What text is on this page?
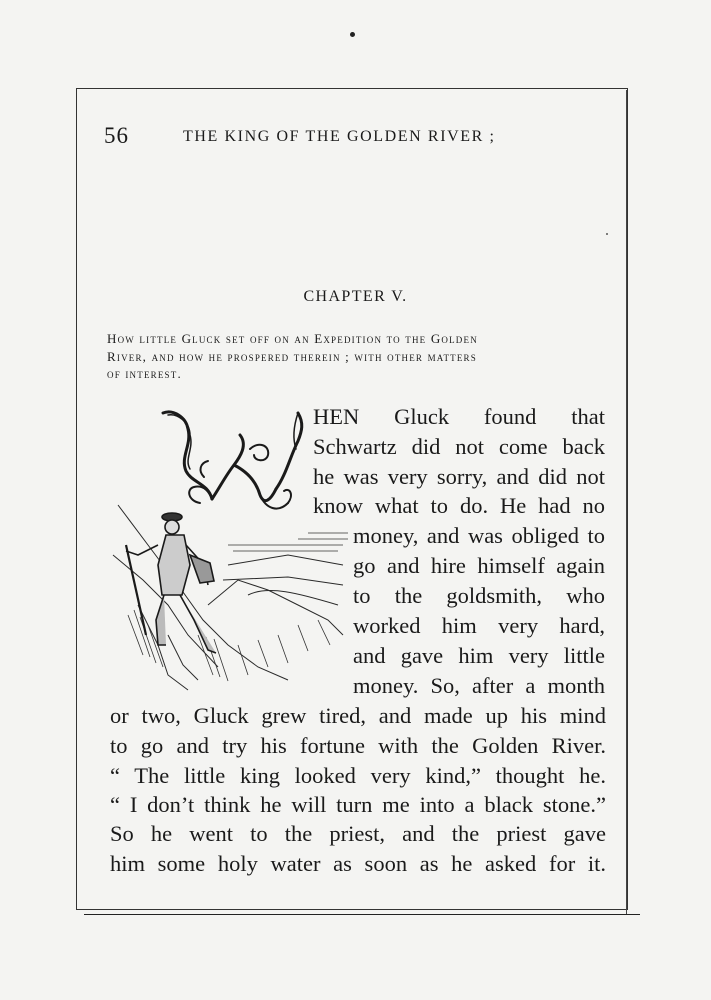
56	THE KING OF THE GOLDEN RIVER ;
CHAPTER V.
How little Gluck set off on an Expedition to the Golden
River, and how he prospered therein ; with other matters
of interest.
HEN Gluck found that
Schwartz did not come back
he was very sorry, and did not
know what to do. He had no
money, and was obliged to
go and hire himself again
to the goldsmith, who
worked him very hard,
and gave him very little
money. So, after a month
or two, Gluck grew tired, and made up his mind
to go and try his fortune with the Golden River.
“ The little king looked very kind,” thought he.
“ I don’t think he will turn me into a black stone.”
So he went to the priest, and the priest gave
him some holy water as soon as he asked for it.
